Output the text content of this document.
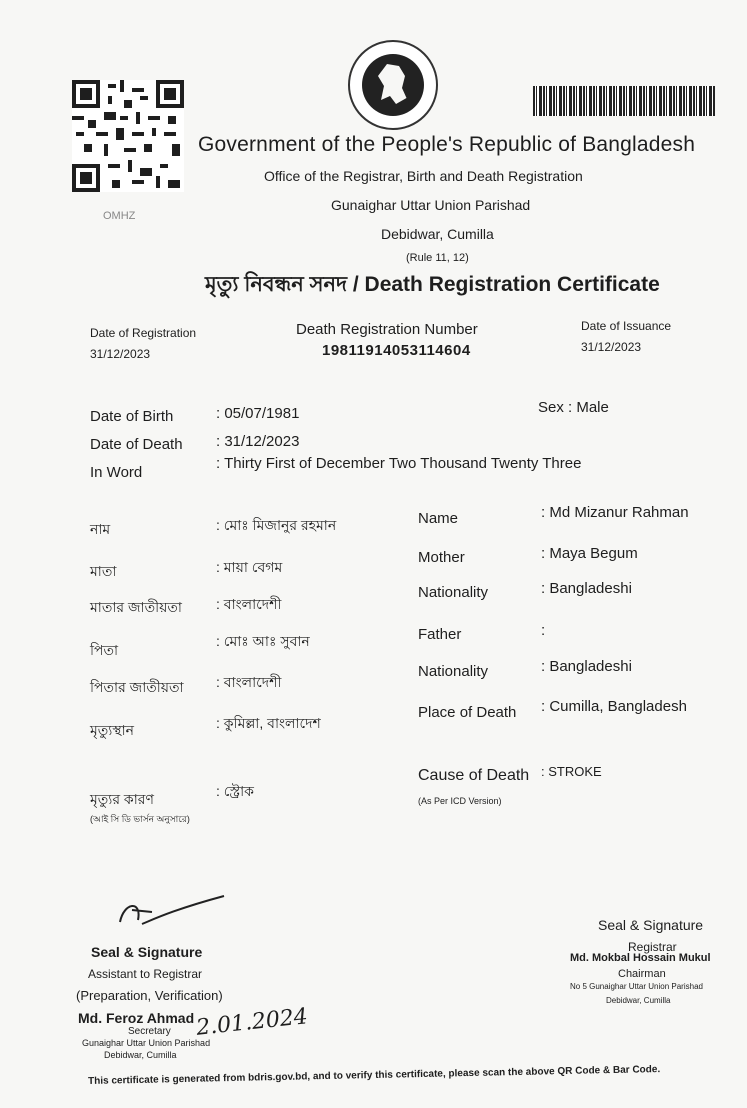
OMHZ
Government of the People's Republic of Bangladesh
Office of the Registrar, Birth and Death Registration
Gunaighar Uttar Union Parishad
Debidwar, Cumilla
(Rule 11, 12)
মৃত্যু নিবন্ধন সনদ / Death Registration Certificate
Date of Registration
31/12/2023
Death Registration Number
19811914053114604
Date of Issuance
31/12/2023
Date of Birth	: 05/07/1981	Sex : Male
Date of Death : 31/12/2023
In Word
: Thirty First of December Two Thousand Twenty Three
নাম	: মোঃ মিজানুর রহমান
মাতা	: মায়া বেগম
মাতার জাতীয়তা : বাংলাদেশী
পিতা
: মোঃ আঃ সুবান
পিতার জাতীয়তা : বাংলাদেশী
মৃত্যুস্থান	: কুমিল্লা, বাংলাদেশ
মৃত্যুর কারণ
(আই সি ডি ভার্সন অনুসারে)
: স্ট্রোক
Name	: Md Mizanur Rahman
Mother	: Maya Begum
Nationality	: Bangladeshi
Father	:
Nationality	: Bangladeshi
Place of Death : Cumilla, Bangladesh
Cause of Death : STROKE
(As Per ICD Version)
Seal & Signature
Assistant to Registrar
(Preparation, Verification)
Md. Feroz Ahmad
Secretary
Gunaighar Uttar Union Parishad
Debidwar, Cumilla
2.01.2024
Seal & Signature
Registrar
Md. Mokbal Hossain Mukul
Chairman
No 5 Gunaighar Uttar Union Parishad
Debidwar, Cumilla
This certificate is generated from bdris.gov.bd, and to verify this certificate, please scan the above QR Code & Bar Code.
